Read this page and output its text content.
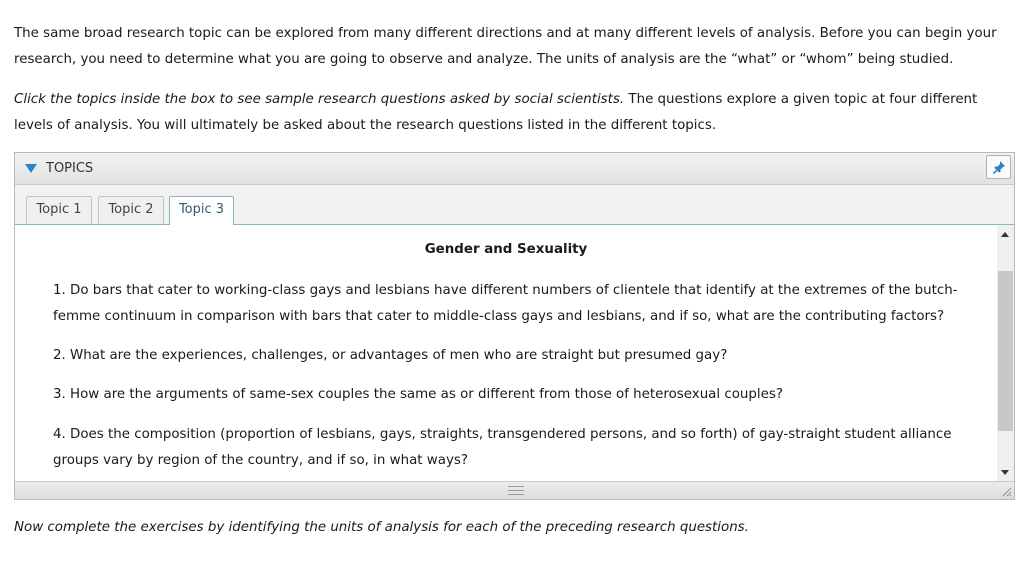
The same broad research topic can be explored from many different directions and at many different levels of analysis. Before you can begin your research, you need to determine what you are going to observe and analyze. The units of analysis are the “what” or “whom” being studied.

Click the topics inside the box to see sample research questions asked by social scientists. The questions explore a given topic at four different levels of analysis. You will ultimately be asked about the research questions listed in the different topics.

TOPICS
Topic 1	Topic 2	Topic 3
Gender and Sexuality

1. Do bars that cater to working-class gays and lesbians have different numbers of clientele that identify at the extremes of the butch-femme continuum in comparison with bars that cater to middle-class gays and lesbians, and if so, what are the contributing factors?

2. What are the experiences, challenges, or advantages of men who are straight but presumed gay?

3. How are the arguments of same-sex couples the same as or different from those of heterosexual couples?

4. Does the composition (proportion of lesbians, gays, straights, transgendered persons, and so forth) of gay-straight student alliance groups vary by region of the country, and if so, in what ways?

Now complete the exercises by identifying the units of analysis for each of the preceding research questions.
